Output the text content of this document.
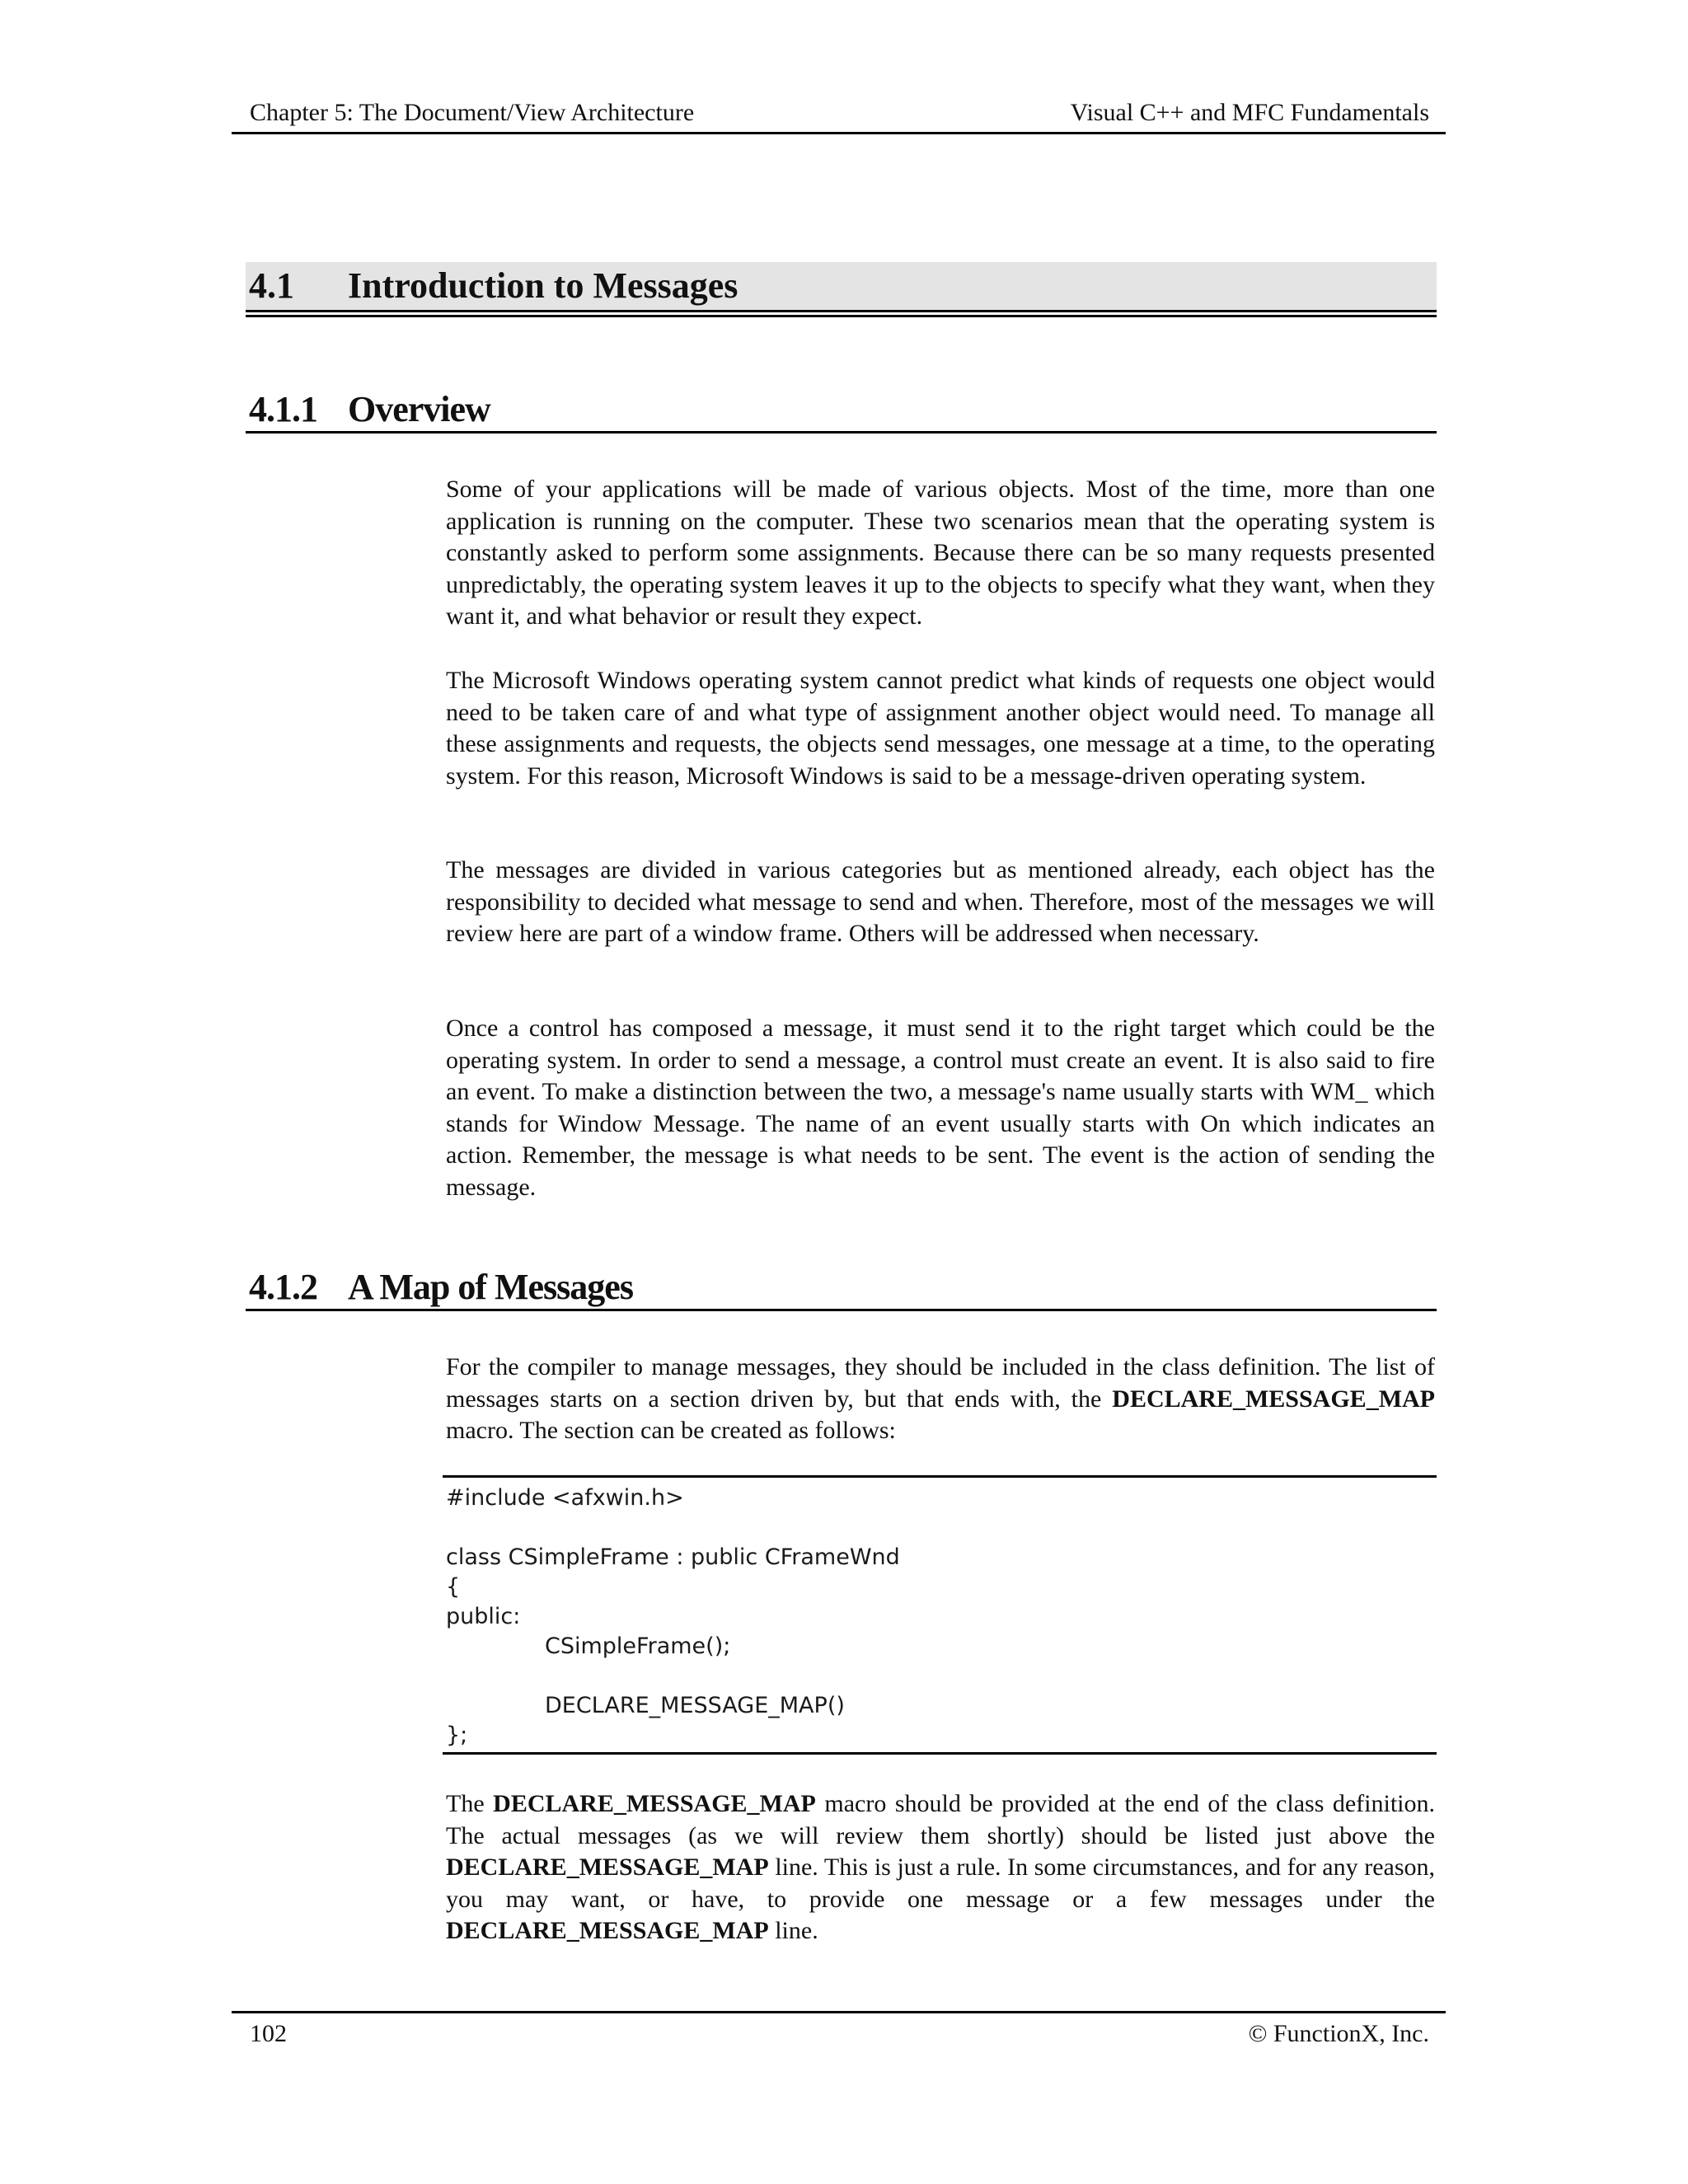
Chapter 5: The Document/View Architecture	Visual C++ and MFC Fundamentals
4.1 Introduction to Messages
4.1.1 Overview

Some of your applications will be made of various objects. Most of the time, more than one application is running on the computer. These two scenarios mean that the operating system is constantly asked to perform some assignments. Because there can be so many requests presented unpredictably, the operating system leaves it up to the objects to specify what they want, when they want it, and what behavior or result they expect.

The Microsoft Windows operating system cannot predict what kinds of requests one object would need to be taken care of and what type of assignment another object would need. To manage all these assignments and requests, the objects send messages, one message at a time, to the operating system. For this reason, Microsoft Windows is said to be a message-driven operating system.

The messages are divided in various categories but as mentioned already, each object has the responsibility to decided what message to send and when. Therefore, most of the messages we will review here are part of a window frame. Others will be addressed when necessary.

Once a control has composed a message, it must send it to the right target which could be the operating system. In order to send a message, a control must create an event. It is also said to fire an event. To make a distinction between the two, a message's name usually starts with WM_ which stands for Window Message. The name of an event usually starts with On which indicates an action. Remember, the message is what needs to be sent. The event is the action of sending the message.

4.1.2 A Map of Messages

For the compiler to manage messages, they should be included in the class definition. The list of messages starts on a section driven by, but that ends with, the DECLARE_MESSAGE_MAP macro. The section can be created as follows:

#include <afxwin.h>
class CSimpleFrame : public CFrameWnd
{
public:
CSimpleFrame();
DECLARE_MESSAGE_MAP()
};

The DECLARE_MESSAGE_MAP macro should be provided at the end of the class definition. The actual messages (as we will review them shortly) should be listed just above the DECLARE_MESSAGE_MAP line. This is just a rule. In some circumstances, and for any reason, you may want, or have, to provide one message or a few messages under the DECLARE_MESSAGE_MAP line.

102	© FunctionX, Inc.
